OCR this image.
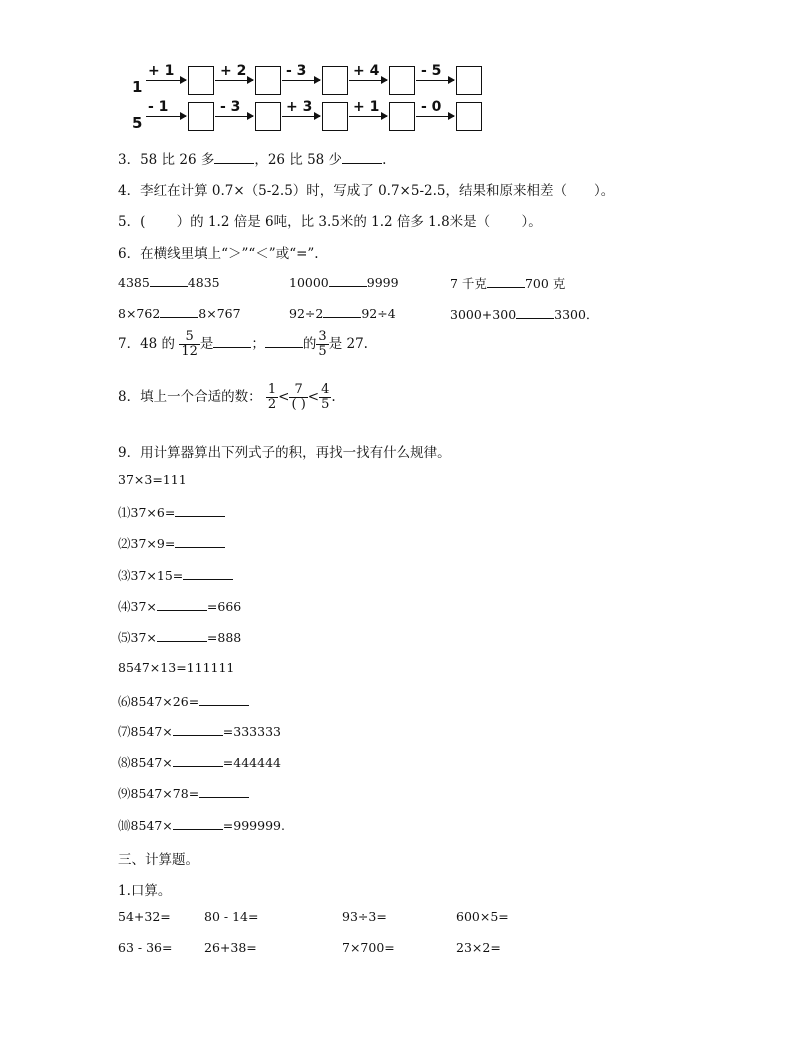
1
+ 1	+ 2	- 3	+ 4	- 5
5
- 1	- 3	+ 3	+ 1	- 0
3．58 比 26 多	，26 比 58 少	.
4．李红在计算 0.7×（5-2.5）时，写成了 0.7×5-2.5，结果和原来相差（　　）。
5．(　　 ）的 1.2 倍是 6吨，比 3.5米的 1.2 倍多 1.8米是（　　 ）。
6．在横线里填上“＞”“＜”或“=”.
4385	4835	10000	9999	7 千克	700 克
8×762	8×767	92÷2	92÷4	3000+300	3300．
7．48 的 $\frac{5}{12}$ 是	；	的 $\frac{3}{5}$ 是 27.
8．填上一个合适的数： $\frac{1}{2} < \frac{7}{( )} < \frac{4}{5}$ .
9．用计算器算出下列式子的积，再找一找有什么规律。
37×3=111
⑴37×6=
⑵37×9=
⑶37×15=
⑷37×	=666
⑸37×	=888
8547×13=111111
⑹8547×26=
⑺8547×	=333333
⑻8547×	=444444
⑼8547×78=
⑽8547×	=999999.
三、计算题。
1.口算。
54+32=	80 - 14=	93÷3=	600×5=
63 - 36=	26+38=	7×700=	23×2=
